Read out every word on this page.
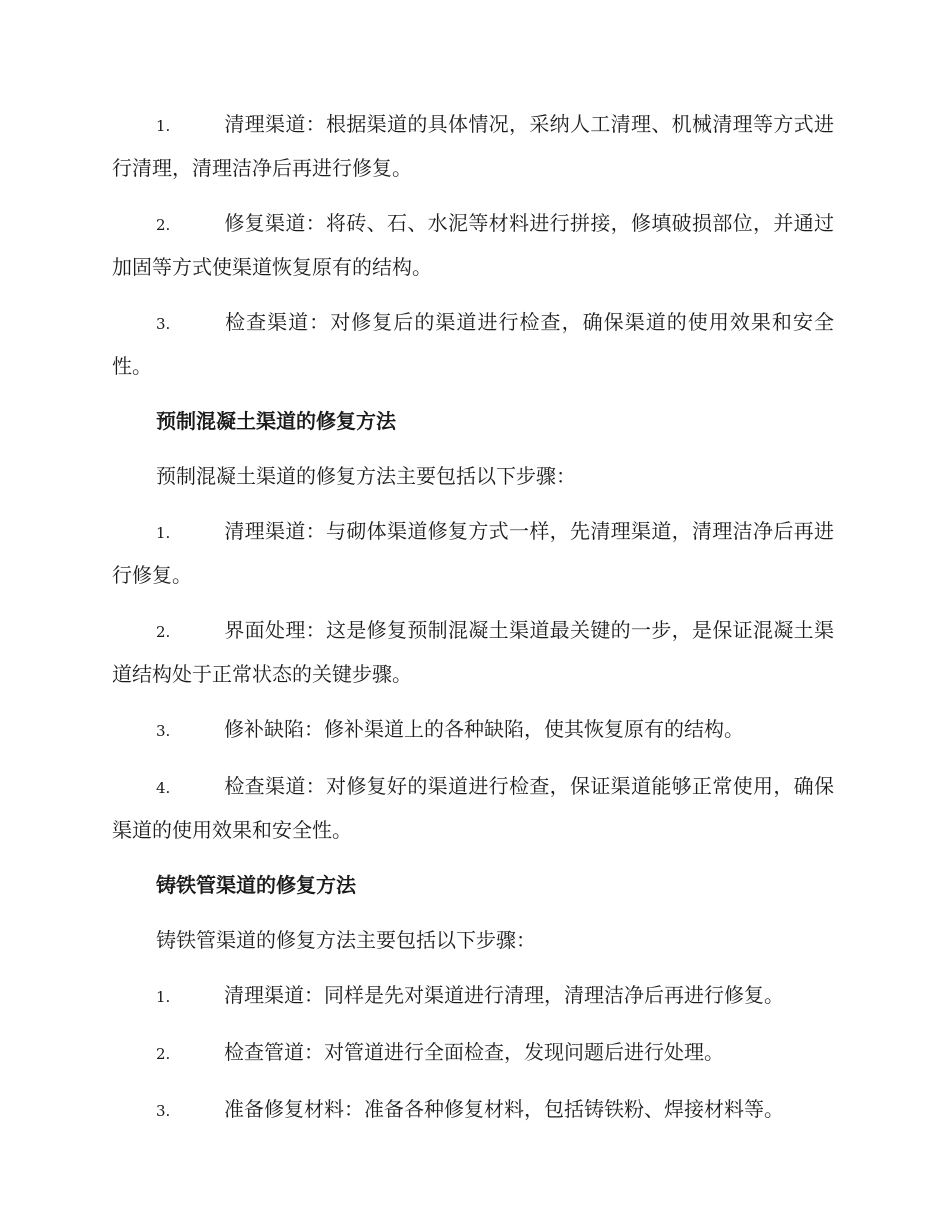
1.	清理渠道：根据渠道的具体情况，采纳人工清理、机械清理等方式进行清理，清理洁净后再进行修复。

2.	修复渠道：将砖、石、水泥等材料进行拼接，修填破损部位，并通过加固等方式使渠道恢复原有的结构。

3.	检查渠道：对修复后的渠道进行检查，确保渠道的使用效果和安全性。

预制混凝土渠道的修复方法

预制混凝土渠道的修复方法主要包括以下步骤：

1.	清理渠道：与砌体渠道修复方式一样，先清理渠道，清理洁净后再进行修复。

2.	界面处理：这是修复预制混凝土渠道最关键的一步，是保证混凝土渠道结构处于正常状态的关键步骤。

3.	修补缺陷：修补渠道上的各种缺陷，使其恢复原有的结构。

4.	检查渠道：对修复好的渠道进行检查，保证渠道能够正常使用，确保渠道的使用效果和安全性。

铸铁管渠道的修复方法

铸铁管渠道的修复方法主要包括以下步骤：

1.	清理渠道：同样是先对渠道进行清理，清理洁净后再进行修复。

2.	检查管道：对管道进行全面检查，发现问题后进行处理。

3.	准备修复材料：准备各种修复材料，包括铸铁粉、焊接材料等。
